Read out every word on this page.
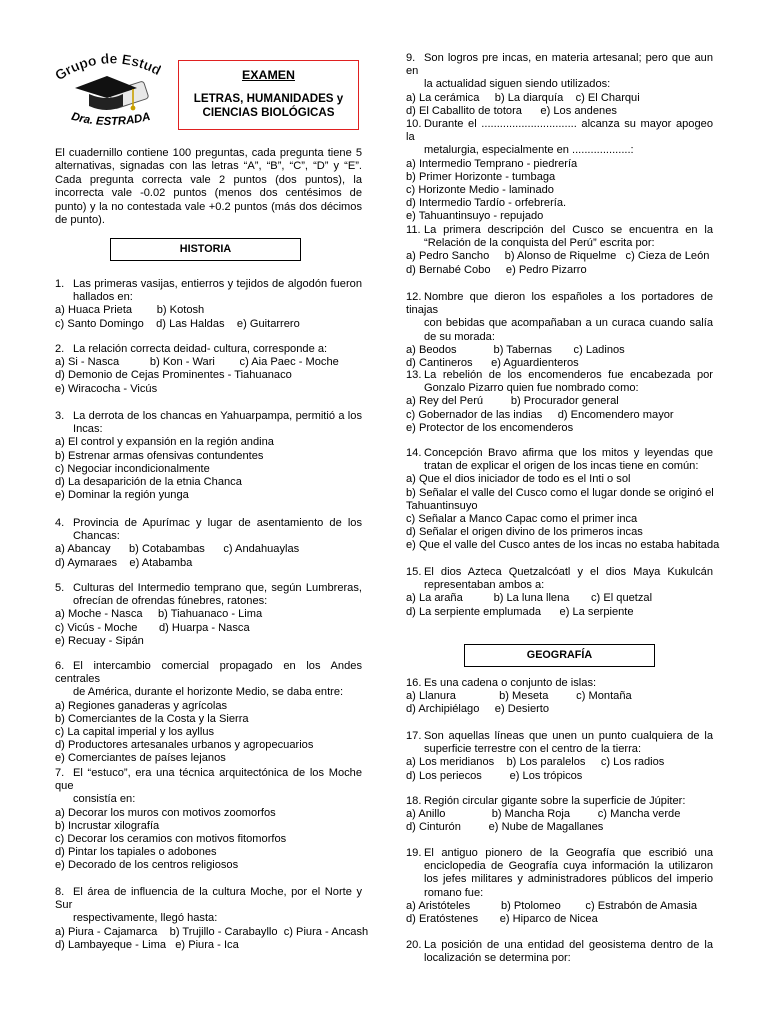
Grupo de Estu
Dra. ESTRADA
EXAMEN
LETRAS, HUMANIDADES y CIENCIAS BIOLÓGICAS
El cuadernillo contiene 100 preguntas, cada pregunta tiene 5 alternativas, signadas con las letras “A”, “B”, “C”, “D” y “E”. Cada pregunta correcta vale 2 puntos (dos puntos), la incorrecta vale -0.02 puntos (menos dos centésimos de punto) y la no contestada vale +0.2 puntos (más dos décimos de punto).
HISTORIA
GEOGRAFÍA
1. Las primeras vasijas, entierros y tejidos de algodón fueron
hallados en:
a) Huaca Prieta        b) Kotosh
c) Santo Domingo    d) Las Haldas    e) Guitarrero
2. La relación correcta deidad- cultura, corresponde a:
a) Si - Nasca          b) Kon - Wari        c) Aia Paec - Moche
d) Demonio de Cejas Prominentes - Tiahuanaco
e) Wiracocha - Vicús
3. La derrota de los chancas en Yahuarpampa, permitió a los
Incas:
a) El control y expansión en la región andina
b) Estrenar armas ofensivas contundentes
c) Negociar incondicionalmente
d) La desaparición de la etnia Chanca
e) Dominar la región yunga
4. Provincia de Apurímac y lugar de asentamiento de los
Chancas:
a) Abancay      b) Cotabambas      c) Andahuaylas
d) Aymaraes    e) Atabamba
5. Culturas del Intermedio temprano que, según Lumbreras,
ofrecían de ofrendas fúnebres, ratones:
a) Moche - Nasca     b) Tiahuanaco - Lima
c) Vicús - Moche       d) Huarpa - Nasca
e) Recuay - Sipán
6. El intercambio comercial propagado en los Andes centrales
de América, durante el horizonte Medio, se daba entre:
a) Regiones ganaderas y agrícolas
b) Comerciantes de la Costa y la Sierra
c) La capital imperial y los ayllus
d) Productores artesanales urbanos y agropecuarios
e) Comerciantes de países lejanos
7. El “estuco”, era una técnica arquitectónica de los Moche que
consistía en:
a) Decorar los muros con motivos zoomorfos
b) Incrustar xilografía
c) Decorar los ceramios con motivos fitomorfos
d) Pintar los tapiales o adobones
e) Decorado de los centros religiosos
8. El área de influencia de la cultura Moche, por el Norte y Sur
respectivamente, llegó hasta:
a) Piura - Cajamarca    b) Trujillo - Carabayllo  c) Piura - Ancash
d) Lambayeque - Lima   e) Piura - Ica
9. Son logros pre incas, en materia artesanal; pero que aun en
la actualidad siguen siendo utilizados:
a) La cerámica     b) La diarquía    c) El Charqui
d) El Caballito de totora      e) Los andenes
10. Durante el ............................... alcanza su mayor apogeo la
metalurgia, especialmente en ...................:
a) Intermedio Temprano - piedrería
b) Primer Horizonte - tumbaga
c) Horizonte Medio - laminado
d) Intermedio Tardío - orfebrería.
e) Tahuantinsuyo - repujado
11. La primera descripción del Cusco se encuentra en la
“Relación de la conquista del Perú” escrita por:
a) Pedro Sancho     b) Alonso de Riquelme   c) Cieza de León
d) Bernabé Cobo     e) Pedro Pizarro
12. Nombre que dieron los españoles a los portadores de tinajas
con bebidas que acompañaban a un curaca cuando salía de su morada:
a) Beodos            b) Tabernas       c) Ladinos
d) Cantineros      e) Aguardienteros
13. La rebelión de los encomenderos fue encabezada por
Gonzalo Pizarro quien fue nombrado como:
a) Rey del Perú         b) Procurador general
c) Gobernador de las indias     d) Encomendero mayor
e) Protector de los encomenderos
14. Concepción Bravo afirma que los mitos y leyendas que
tratan de explicar el origen de los incas tiene en común:
a) Que el dios iniciador de todo es el Inti o sol
b) Señalar el valle del Cusco como el lugar donde se originó el
Tahuantinsuyo
c) Señalar a Manco Capac como el primer inca
d) Señalar el origen divino de los primeros incas
e) Que el valle del Cusco antes de los incas no estaba habitada
15. El dios Azteca Quetzalcóatl y el dios Maya Kukulcán
representaban ambos a:
a) La araña          b) La luna llena       c) El quetzal
d) La serpiente emplumada      e) La serpiente
16. Es una cadena o conjunto de islas:
a) Llanura              b) Meseta         c) Montaña
d) Archipiélago     e) Desierto
17. Son aquellas líneas que unen un punto cualquiera de la
superficie terrestre con el centro de la tierra:
a) Los meridianos    b) Los paralelos     c) Los radios
d) Los periecos         e) Los trópicos
18. Región circular gigante sobre la superficie de Júpiter:
a) Anillo               b) Mancha Roja         c) Mancha verde
d) Cinturón         e) Nube de Magallanes
19. El antiguo pionero de la Geografía que escribió una
enciclopedia de Geografía cuya información la utilizaron los jefes militares y administradores públicos del imperio romano fue:
a) Aristóteles          b) Ptolomeo        c) Estrabón de Amasia
d) Eratóstenes       e) Hiparco de Nicea
20. La posición de una entidad del geosistema dentro de la
localización se determina por:
